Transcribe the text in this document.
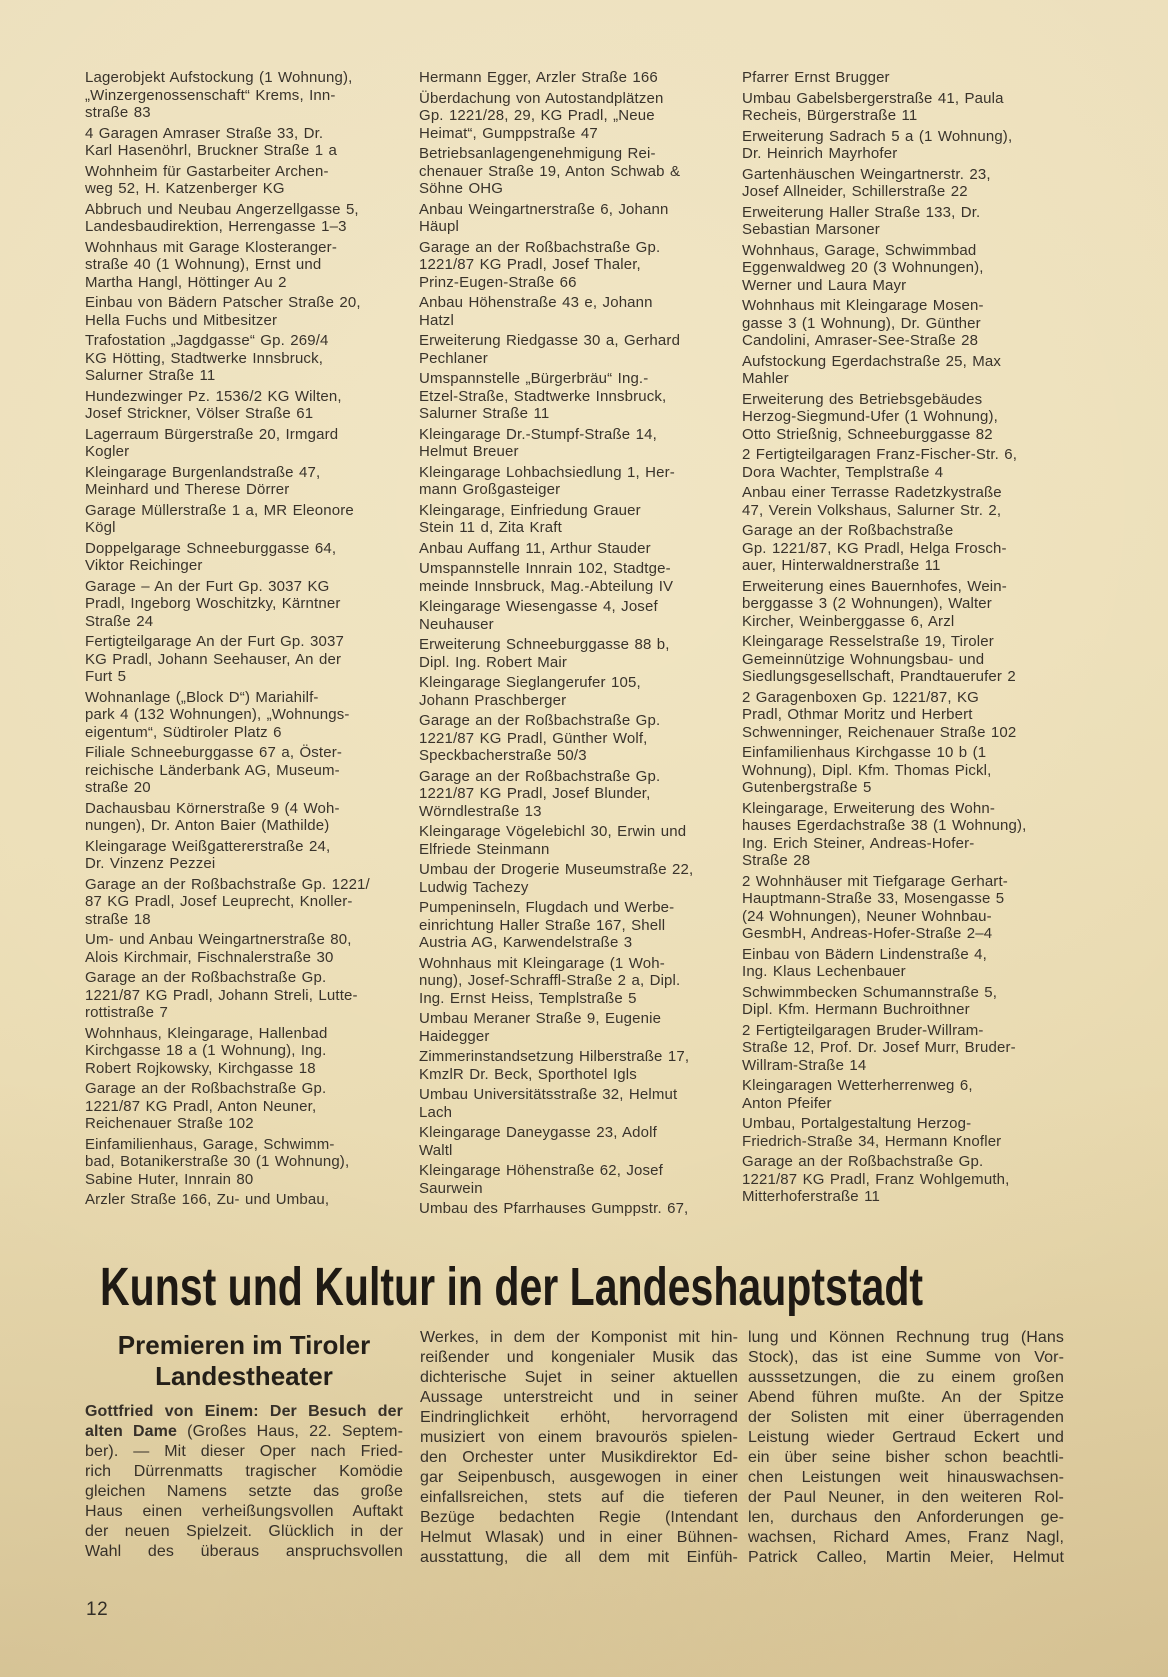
Lagerobjekt Aufstockung (1 Wohnung),
„Winzergenossenschaft“ Krems, Inn-
straße 83
4 Garagen Amraser Straße 33, Dr.
Karl Hasenöhrl, Bruckner Straße 1 a
Wohnheim für Gastarbeiter Archen-
weg 52, H. Katzenberger KG
Abbruch und Neubau Angerzellgasse 5,
Landesbaudirektion, Herrengasse 1–3
Wohnhaus mit Garage Klosteranger-
straße 40 (1 Wohnung), Ernst und
Martha Hangl, Höttinger Au 2
Einbau von Bädern Patscher Straße 20,
Hella Fuchs und Mitbesitzer
Trafostation „Jagdgasse“ Gp. 269/4
KG Hötting, Stadtwerke Innsbruck,
Salurner Straße 11
Hundezwinger Pz. 1536/2 KG Wilten,
Josef Strickner, Völser Straße 61
Lagerraum Bürgerstraße 20, Irmgard
Kogler
Kleingarage Burgenlandstraße 47,
Meinhard und Therese Dörrer
Garage Müllerstraße 1 a, MR Eleonore
Kögl
Doppelgarage Schneeburggasse 64,
Viktor Reichinger
Garage – An der Furt Gp. 3037 KG
Pradl, Ingeborg Woschitzky, Kärntner
Straße 24
Fertigteilgarage An der Furt Gp. 3037
KG Pradl, Johann Seehauser, An der
Furt 5
Wohnanlage („Block D“) Mariahilf-
park 4 (132 Wohnungen), „Wohnungs-
eigentum“, Südtiroler Platz 6
Filiale Schneeburggasse 67 a, Öster-
reichische Länderbank AG, Museum-
straße 20
Dachausbau Körnerstraße 9 (4 Woh-
nungen), Dr. Anton Baier (Mathilde)
Kleingarage Weißgattererstraße 24,
Dr. Vinzenz Pezzei
Garage an der Roßbachstraße Gp. 1221/
87 KG Pradl, Josef Leuprecht, Knoller-
straße 18
Um- und Anbau Weingartnerstraße 80,
Alois Kirchmair, Fischnalerstraße 30
Garage an der Roßbachstraße Gp.
1221/87 KG Pradl, Johann Streli, Lutte-
rottistraße 7
Wohnhaus, Kleingarage, Hallenbad
Kirchgasse 18 a (1 Wohnung), Ing.
Robert Rojkowsky, Kirchgasse 18
Garage an der Roßbachstraße Gp.
1221/87 KG Pradl, Anton Neuner,
Reichenauer Straße 102
Einfamilienhaus, Garage, Schwimm-
bad, Botanikerstraße 30 (1 Wohnung),
Sabine Huter, Innrain 80
Arzler Straße 166, Zu- und Umbau,
Hermann Egger, Arzler Straße 166
Überdachung von Autostandplätzen
Gp. 1221/28, 29, KG Pradl, „Neue
Heimat“, Gumppstraße 47
Betriebsanlagengenehmigung Rei-
chenauer Straße 19, Anton Schwab &
Söhne OHG
Anbau Weingartnerstraße 6, Johann
Häupl
Garage an der Roßbachstraße Gp.
1221/87 KG Pradl, Josef Thaler,
Prinz-Eugen-Straße 66
Anbau Höhenstraße 43 e, Johann
Hatzl
Erweiterung Riedgasse 30 a, Gerhard
Pechlaner
Umspannstelle „Bürgerbräu“ Ing.-
Etzel-Straße, Stadtwerke Innsbruck,
Salurner Straße 11
Kleingarage Dr.-Stumpf-Straße 14,
Helmut Breuer
Kleingarage Lohbachsiedlung 1, Her-
mann Großgasteiger
Kleingarage, Einfriedung Grauer
Stein 11 d, Zita Kraft
Anbau Auffang 11, Arthur Stauder
Umspannstelle Innrain 102, Stadtge-
meinde Innsbruck, Mag.-Abteilung IV
Kleingarage Wiesengasse 4, Josef
Neuhauser
Erweiterung Schneeburggasse 88 b,
Dipl. Ing. Robert Mair
Kleingarage Sieglangerufer 105,
Johann Praschberger
Garage an der Roßbachstraße Gp.
1221/87 KG Pradl, Günther Wolf,
Speckbacherstraße 50/3
Garage an der Roßbachstraße Gp.
1221/87 KG Pradl, Josef Blunder,
Wörndlestraße 13
Kleingarage Vögelebichl 30, Erwin und
Elfriede Steinmann
Umbau der Drogerie Museumstraße 22,
Ludwig Tachezy
Pumpeninseln, Flugdach und Werbe-
einrichtung Haller Straße 167, Shell
Austria AG, Karwendelstraße 3
Wohnhaus mit Kleingarage (1 Woh-
nung), Josef-Schraffl-Straße 2 a, Dipl.
Ing. Ernst Heiss, Templstraße 5
Umbau Meraner Straße 9, Eugenie
Haidegger
Zimmerinstandsetzung Hilberstraße 17,
KmzlR Dr. Beck, Sporthotel Igls
Umbau Universitätsstraße 32, Helmut
Lach
Kleingarage Daneygasse 23, Adolf
Waltl
Kleingarage Höhenstraße 62, Josef
Saurwein
Umbau des Pfarrhauses Gumppstr. 67,
Pfarrer Ernst Brugger
Umbau Gabelsbergerstraße 41, Paula
Recheis, Bürgerstraße 11
Erweiterung Sadrach 5 a (1 Wohnung),
Dr. Heinrich Mayrhofer
Gartenhäuschen Weingartnerstr. 23,
Josef Allneider, Schillerstraße 22
Erweiterung Haller Straße 133, Dr.
Sebastian Marsoner
Wohnhaus, Garage, Schwimmbad
Eggenwaldweg 20 (3 Wohnungen),
Werner und Laura Mayr
Wohnhaus mit Kleingarage Mosen-
gasse 3 (1 Wohnung), Dr. Günther
Candolini, Amraser-See-Straße 28
Aufstockung Egerdachstraße 25, Max
Mahler
Erweiterung des Betriebsgebäudes
Herzog-Siegmund-Ufer (1 Wohnung),
Otto Strießnig, Schneeburggasse 82
2 Fertigteilgaragen Franz-Fischer-Str. 6,
Dora Wachter, Templstraße 4
Anbau einer Terrasse Radetzkystraße
47, Verein Volkshaus, Salurner Str. 2,
Garage an der Roßbachstraße
Gp. 1221/87, KG Pradl, Helga Frosch-
auer, Hinterwaldnerstraße 11
Erweiterung eines Bauernhofes, Wein-
berggasse 3 (2 Wohnungen), Walter
Kircher, Weinberggasse 6, Arzl
Kleingarage Resselstraße 19, Tiroler
Gemeinnützige Wohnungsbau- und
Siedlungsgesellschaft, Prandtauerufer 2
2 Garagenboxen Gp. 1221/87, KG
Pradl, Othmar Moritz und Herbert
Schwenninger, Reichenauer Straße 102
Einfamilienhaus Kirchgasse 10 b (1
Wohnung), Dipl. Kfm. Thomas Pickl,
Gutenbergstraße 5
Kleingarage, Erweiterung des Wohn-
hauses Egerdachstraße 38 (1 Wohnung),
Ing. Erich Steiner, Andreas-Hofer-
Straße 28
2 Wohnhäuser mit Tiefgarage Gerhart-
Hauptmann-Straße 33, Mosengasse 5
(24 Wohnungen), Neuner Wohnbau-
GesmbH, Andreas-Hofer-Straße 2–4
Einbau von Bädern Lindenstraße 4,
Ing. Klaus Lechenbauer
Schwimmbecken Schumannstraße 5,
Dipl. Kfm. Hermann Buchroithner
2 Fertigteilgaragen Bruder-Willram-
Straße 12, Prof. Dr. Josef Murr, Bruder-
Willram-Straße 14
Kleingaragen Wetterherrenweg 6,
Anton Pfeifer
Umbau, Portalgestaltung Herzog-
Friedrich-Straße 34, Hermann Knofler
Garage an der Roßbachstraße Gp.
1221/87 KG Pradl, Franz Wohlgemuth,
Mitterhoferstraße 11
Kunst und Kultur in der Landeshauptstadt
Premieren im Tiroler
Landestheater
Gottfried von Einem: Der Besuch der
alten Dame (Großes Haus, 22. Septem-
ber). — Mit dieser Oper nach Fried-
rich Dürrenmatts tragischer Komödie
gleichen Namens setzte das große
Haus einen verheißungsvollen Auftakt
der neuen Spielzeit. Glücklich in der
Wahl des überaus anspruchsvollen
Werkes, in dem der Komponist mit hin-
reißender und kongenialer Musik das
dichterische Sujet in seiner aktuellen
Aussage unterstreicht und in seiner
Eindringlichkeit erhöht, hervorragend
musiziert von einem bravourös spielen-
den Orchester unter Musikdirektor Ed-
gar Seipenbusch, ausgewogen in einer
einfallsreichen, stets auf die tieferen
Bezüge bedachten Regie (Intendant
Helmut Wlasak) und in einer Bühnen-
ausstattung, die all dem mit Einfüh-
lung und Können Rechnung trug (Hans
Stock), das ist eine Summe von Vor-
ausssetzungen, die zu einem großen
Abend führen mußte. An der Spitze
der Solisten mit einer überragenden
Leistung wieder Gertraud Eckert und
ein über seine bisher schon beachtli-
chen Leistungen weit hinauswachsen-
der Paul Neuner, in den weiteren Rol-
len, durchaus den Anforderungen ge-
wachsen, Richard Ames, Franz Nagl,
Patrick Calleo, Martin Meier, Helmut
12
